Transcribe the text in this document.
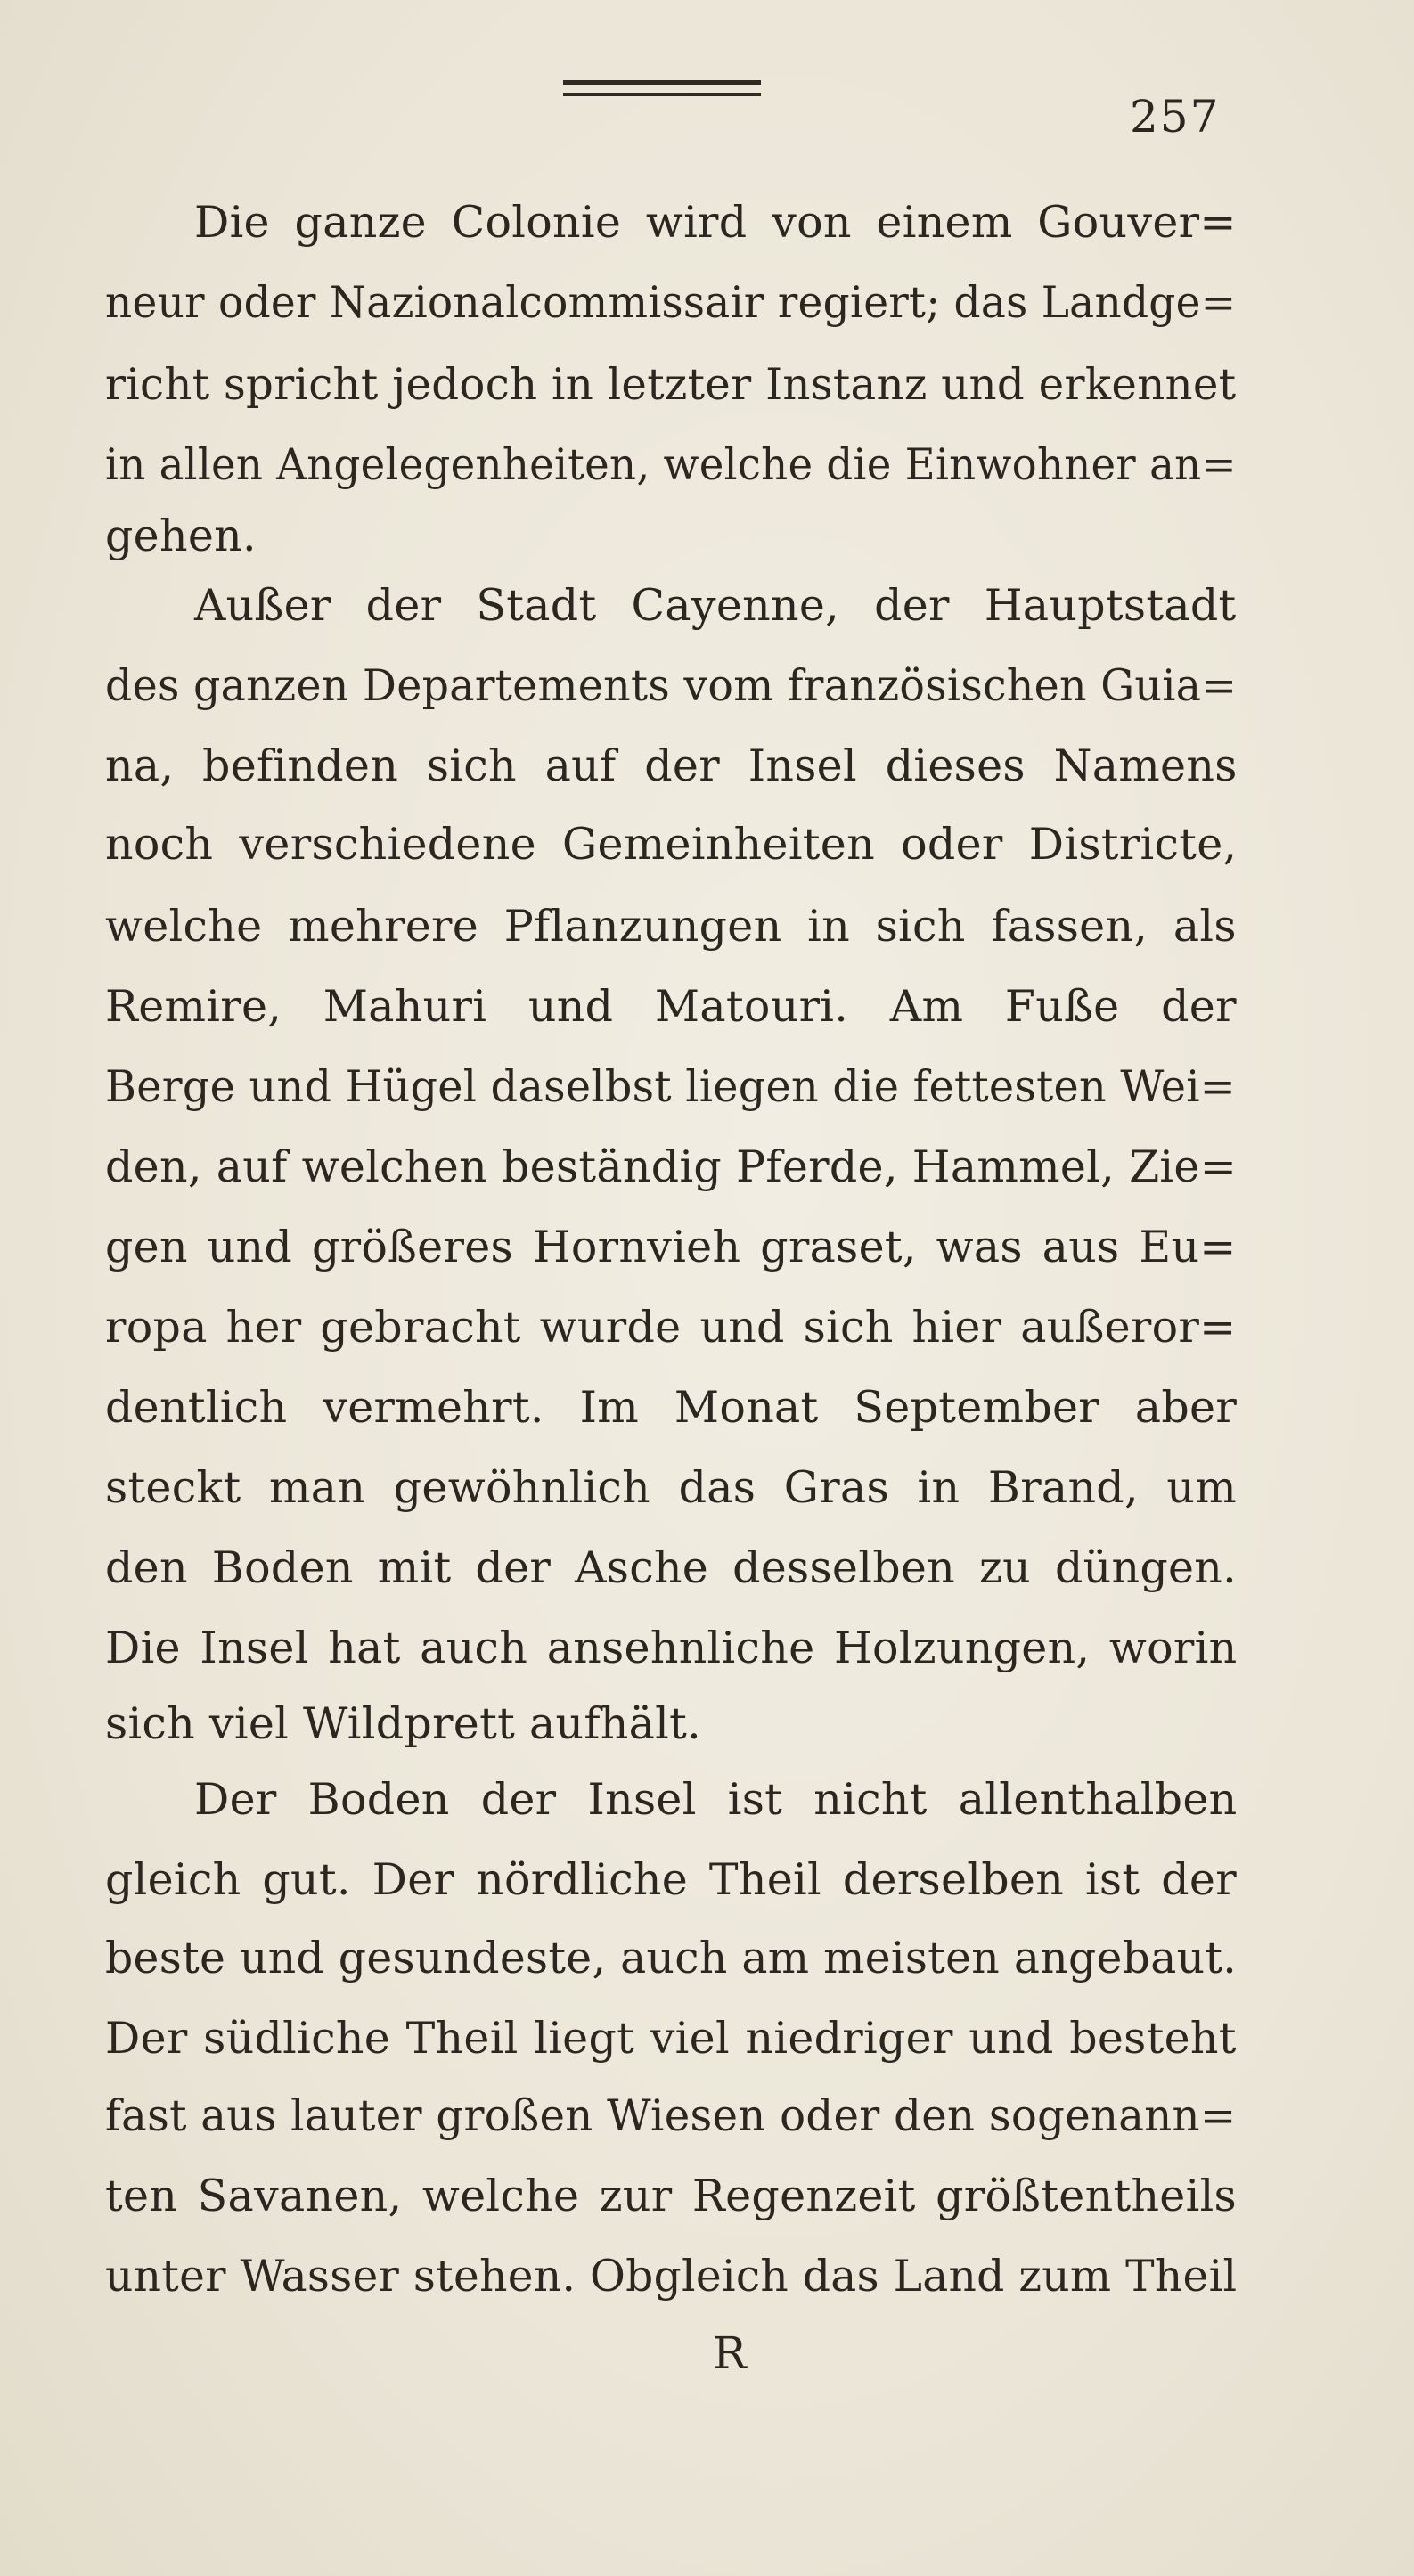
257
Die ganze Colonie wird von einem Gouver=
neur oder Nazionalcommissair regiert; das Landge=
richt spricht jedoch in letzter Instanz und erkennet
in allen Angelegenheiten, welche die Einwohner an=
gehen.
Außer der Stadt Cayenne, der Hauptstadt
des ganzen Departements vom französischen Guia=
na, befinden sich auf der Insel dieses Namens
noch verschiedene Gemeinheiten oder Districte,
welche mehrere Pflanzungen in sich fassen, als
Remire, Mahuri und Matouri. Am Fuße der
Berge und Hügel daselbst liegen die fettesten Wei=
den, auf welchen beständig Pferde, Hammel, Zie=
gen und größeres Hornvieh graset, was aus Eu=
ropa her gebracht wurde und sich hier außeror=
dentlich vermehrt. Im Monat September aber
steckt man gewöhnlich das Gras in Brand, um
den Boden mit der Asche desselben zu düngen.
Die Insel hat auch ansehnliche Holzungen, worin
sich viel Wildprett aufhält.
Der Boden der Insel ist nicht allenthalben
gleich gut. Der nördliche Theil derselben ist der
beste und gesundeste, auch am meisten angebaut.
Der südliche Theil liegt viel niedriger und besteht
fast aus lauter großen Wiesen oder den sogenann=
ten Savanen, welche zur Regenzeit größtentheils
unter Wasser stehen. Obgleich das Land zum Theil
R
